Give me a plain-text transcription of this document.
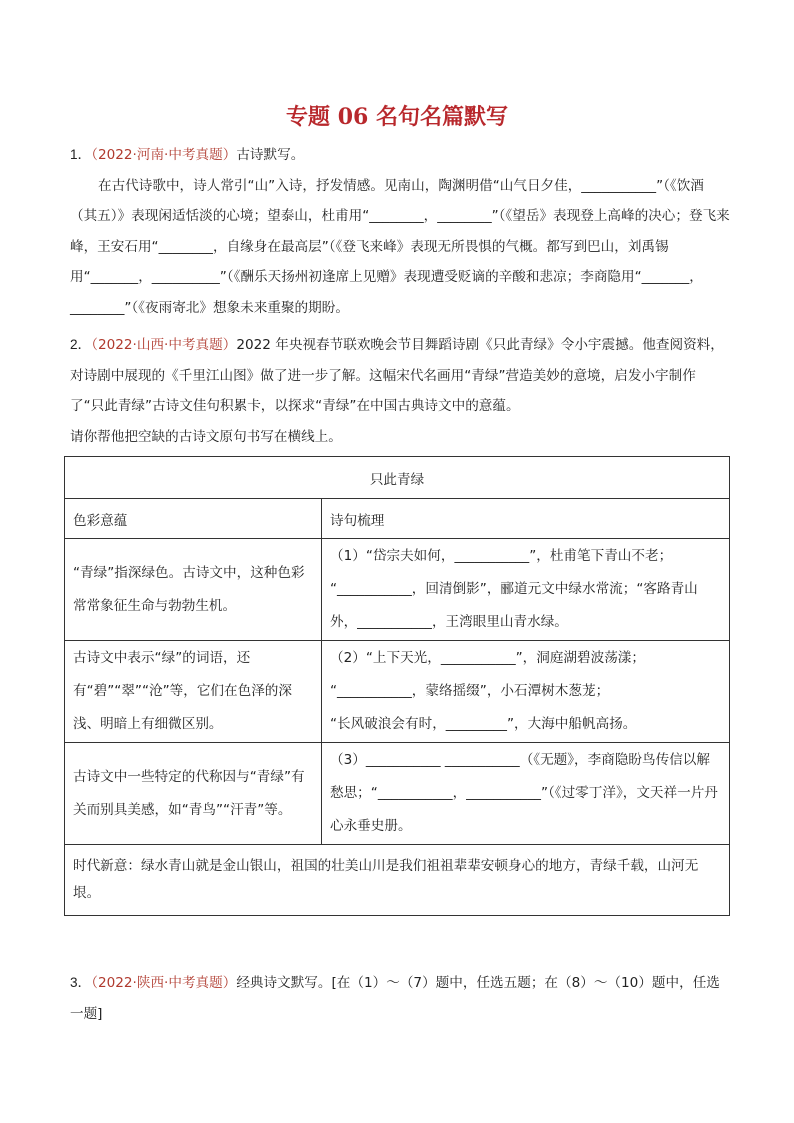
专题 06 名句名篇默写
1．（2022·河南·中考真题）古诗默写。
在古代诗歌中，诗人常引“山”入诗，抒发情感。见南山，陶渊明借“山气日夕佳，___________”（《饮酒（其五）》表现闲适恬淡的心境；望泰山，杜甫用“________，________”（《望岳》表现登上高峰的决心；登飞来峰，王安石用“________，自缘身在最高层”（《登飞来峰》表现无所畏惧的气概。都写到巴山，刘禹锡用“_______，__________”（《酬乐天扬州初逢席上见赠》表现遭受贬谪的辛酸和悲凉；李商隐用“_______，________”（《夜雨寄北》想象未来重聚的期盼。
2．（2022·山西·中考真题）2022 年央视春节联欢晚会节目舞蹈诗剧《只此青绿》令小宇震撼。他查阅资料，对诗剧中展现的《千里江山图》做了进一步了解。这幅宋代名画用“青绿”营造美妙的意境，启发小宇制作了“只此青绿”古诗文佳句积累卡，以探求“青绿”在中国古典诗文中的意蕴。
请你帮他把空缺的古诗文原句书写在横线上。
只此青绿	
色彩意蕴	诗句梳理
“青绿”指深绿色。古诗文中，这种色彩常常象征生命与勃勃生机。	（1）“岱宗夫如何，___________”，杜甫笔下青山不老；
“___________，回清倒影”，郦道元文中绿水常流；“客路青山外，___________，王湾眼里山青水绿。

古诗文中表示“绿”的词语，还有“碧”“翠”“沧”等，它们在色泽的深浅、明暗上有细微区别。	（2）“上下天光，___________”，洞庭湖碧波荡漾；
“___________，蒙络摇缀”，小石潭树木葱茏；
“长风破浪会有时，_________”，大海中船帆高扬。

古诗文中一些特定的代称因与“青绿”有关而别具美感，如“青鸟”“汗青”等。	（3）___________ ___________（《无题》，李商隐盼鸟传信以解愁思；“___________，___________”（《过零丁洋》，文天祥一片丹心永垂史册。

时代新意：绿水青山就是金山银山，祖国的壮美山川是我们祖祖辈辈安顿身心的地方，青绿千载，山河无垠。	
3．（2022·陕西·中考真题）经典诗文默写。[在（1）～（7）题中，任选五题；在（8）～（10）题中，任选一题]
